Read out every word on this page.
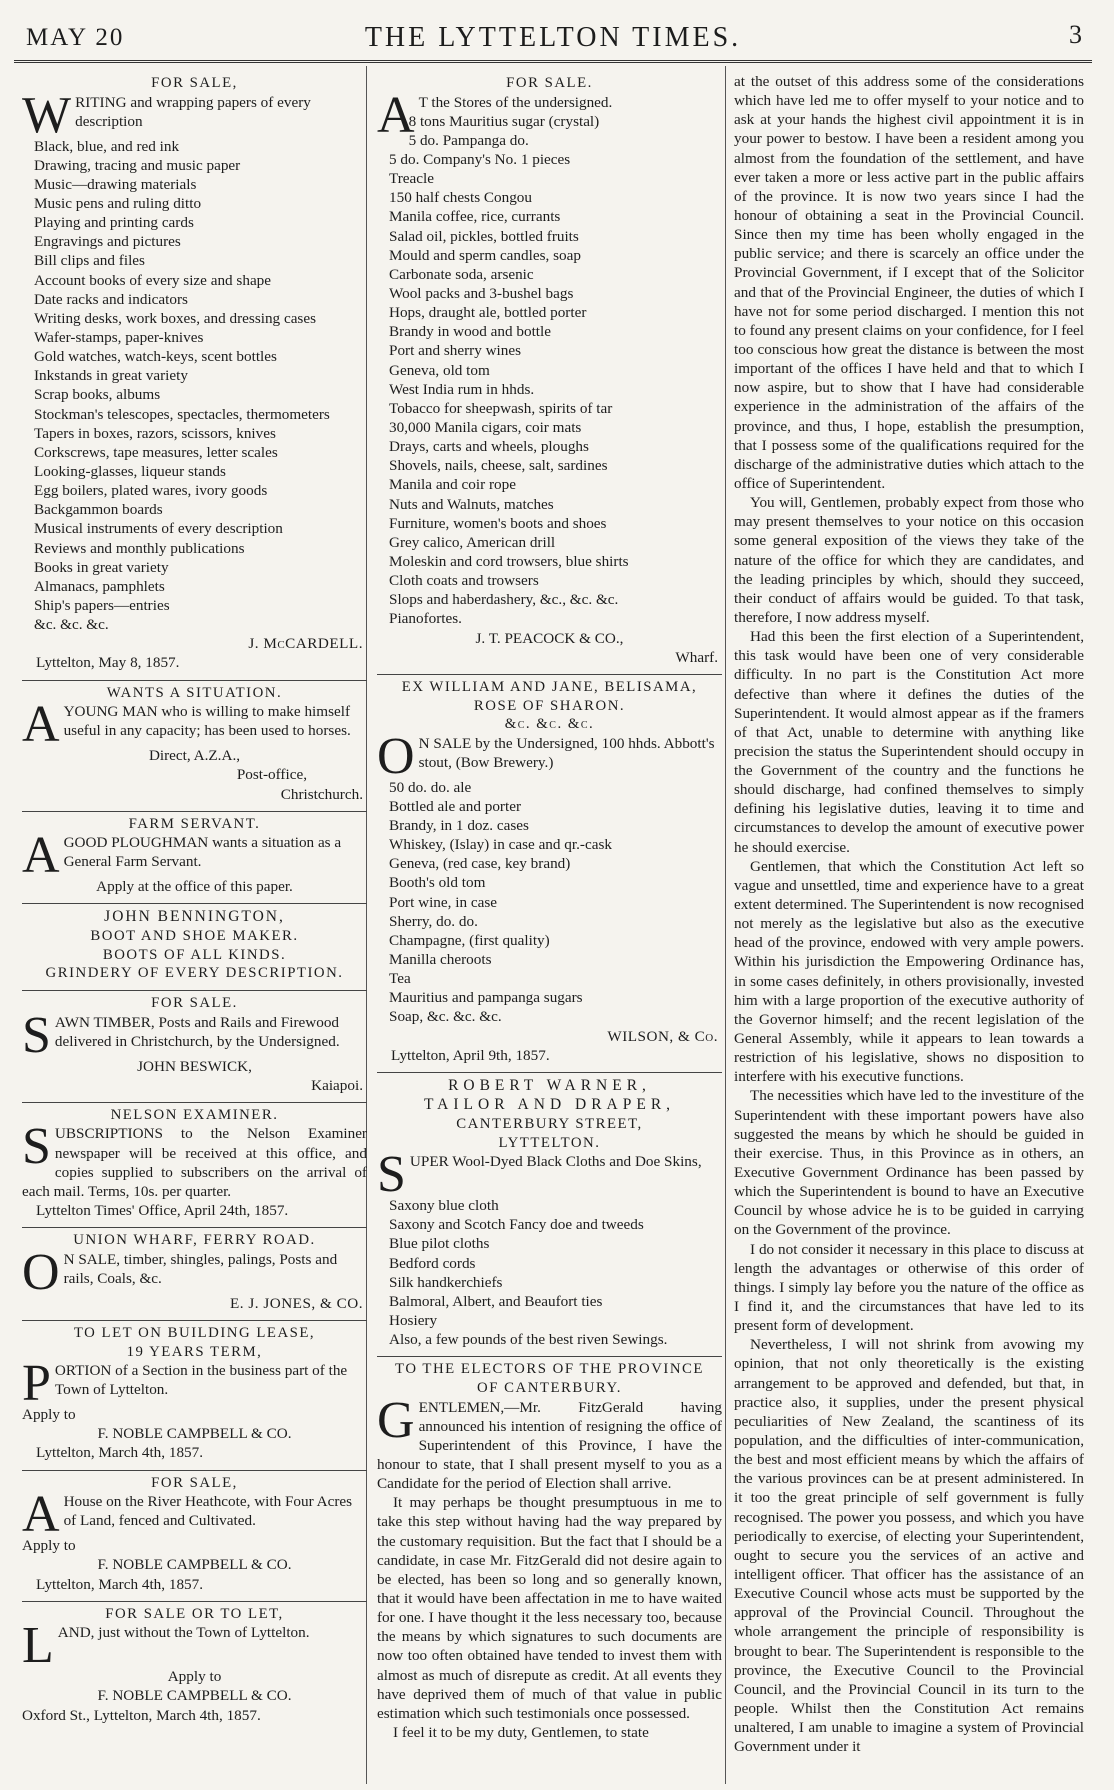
MAY 20	THE LYTTELTON TIMES.	3
FOR SALE,

WRITING and wrapping papers of every description

Black, blue, and red ink
Drawing, tracing and music paper
Music—drawing materials
Music pens and ruling ditto
Playing and printing cards
Engravings and pictures
Bill clips and files
Account books of every size and shape
Date racks and indicators
Writing desks, work boxes, and dressing cases
Wafer-stamps, paper-knives
Gold watches, watch-keys, scent bottles
Inkstands in great variety
Scrap books, albums
Stockman's telescopes, spectacles, thermometers
Tapers in boxes, razors, scissors, knives
Corkscrews, tape measures, letter scales
Looking-glasses, liqueur stands
Egg boilers, plated wares, ivory goods
Backgammon boards
Musical instruments of every description
Reviews and monthly publications
Books in great variety
Almanacs, pamphlets
Ship's papers—entries
&c. &c. &c.
J. McCARDELL.
Lyttelton, May 8, 1857.
WANTS A SITUATION.

AYOUNG MAN who is willing to make himself useful in any capacity; has been used to horses.

Direct, A.Z.A.,
Post-office,
Christchurch.
FARM SERVANT.

AGOOD PLOUGHMAN wants a situation as a General Farm Servant.

Apply at the office of this paper.
JOHN BENNINGTON,
BOOT AND SHOE MAKER.
BOOTS OF ALL KINDS.
GRINDERY OF EVERY DESCRIPTION.
FOR SALE.

SAWN TIMBER, Posts and Rails and Firewood delivered in Christchurch, by the Undersigned.

JOHN BESWICK,
Kaiapoi.
NELSON EXAMINER.

SUBSCRIPTIONS to the Nelson Examiner newspaper will be received at this office, and copies supplied to subscribers on the arrival of each mail. Terms, 10s. per quarter.

Lyttelton Times' Office, April 24th, 1857.
UNION WHARF, FERRY ROAD.

O N SALE, timber, shingles, palings, Posts and rails, Coals, &c.

E. J. JONES, & CO.
TO LET ON BUILDING LEASE,
19 YEARS TERM,

PORTION of a Section in the business part of the Town of Lyttelton.

Apply to
F. NOBLE CAMPBELL & CO.
Lyttelton, March 4th, 1857.
FOR SALE,

A House on the River Heathcote, with Four Acres of Land, fenced and Cultivated.

Apply to
F. NOBLE CAMPBELL & CO.
Lyttelton, March 4th, 1857.
FOR SALE OR TO LET,

LAND, just without the Town of Lyttelton.

Apply to
F. NOBLE CAMPBELL & CO.
Oxford St., Lyttelton, March 4th, 1857.
FOR SALE.

A T the Stores of the undersigned.

8 tons Mauritius sugar (crystal)
5 do. Pampanga do.
5 do. Company's No. 1 pieces
Treacle
150 half chests Congou
Manila coffee, rice, currants
Salad oil, pickles, bottled fruits
Mould and sperm candles, soap
Carbonate soda, arsenic
Wool packs and 3-bushel bags
Hops, draught ale, bottled porter
Brandy in wood and bottle
Port and sherry wines
Geneva, old tom
West India rum in hhds.
Tobacco for sheepwash, spirits of tar
30,000 Manila cigars, coir mats
Drays, carts and wheels, ploughs
Shovels, nails, cheese, salt, sardines
Manila and coir rope
Nuts and Walnuts, matches
Furniture, women's boots and shoes
Grey calico, American drill
Moleskin and cord trowsers, blue shirts
Cloth coats and trowsers
Slops and haberdashery, &c., &c. &c.
Pianofortes.
J. T. PEACOCK & CO.,
Wharf.
EX WILLIAM AND JANE, BELISAMA,
ROSE OF SHARON.
&c. &c. &c.

O N SALE by the Undersigned, 100 hhds. Abbott's stout, (Bow Brewery.)

50 do. do. ale
Bottled ale and porter
Brandy, in 1 doz. cases
Whiskey, (Islay) in case and qr.-cask
Geneva, (red case, key brand)
Booth's old tom
Port wine, in case
Sherry, do. do.
Champagne, (first quality)
Manilla cheroots
Tea
Mauritius and pampanga sugars
Soap, &c. &c. &c.
WILSON, & Co.
Lyttelton, April 9th, 1857.
ROBERT WARNER,
TAILOR AND DRAPER,
CANTERBURY STREET,
LYTTELTON.

SUPER Wool-Dyed Black Cloths and Doe Skins,

Saxony blue cloth
Saxony and Scotch Fancy doe and tweeds
Blue pilot cloths
Bedford cords
Silk handkerchiefs
Balmoral, Albert, and Beaufort ties
Hosiery
Also, a few pounds of the best riven Sewings.
TO THE ELECTORS OF THE PROVINCE
OF CANTERBURY.

GENTLEMEN,—Mr. FitzGerald having announced his intention of resigning the office of Superintendent of this Province, I have the honour to state, that I shall present myself to you as a Candidate for the period of Election shall arrive.

It may perhaps be thought presumptuous in me to take this step without having had the way prepared by the customary requisition. But the fact that I should be a candidate, in case Mr. FitzGerald did not desire again to be elected, has been so long and so generally known, that it would have been affectation in me to have waited for one. I have thought it the less necessary too, because the means by which signatures to such documents are now too often obtained have tended to invest them with almost as much of disrepute as credit. At all events they have deprived them of much of that value in public estimation which such testimonials once possessed.

I feel it to be my duty, Gentlemen, to state

at the outset of this address some of the considerations which have led me to offer myself to your notice and to ask at your hands the highest civil appointment it is in your power to bestow. I have been a resident among you almost from the foundation of the settlement, and have ever taken a more or less active part in the public affairs of the province. It is now two years since I had the honour of obtaining a seat in the Provincial Council. Since then my time has been wholly engaged in the public service; and there is scarcely an office under the Provincial Government, if I except that of the Solicitor and that of the Provincial Engineer, the duties of which I have not for some period discharged. I mention this not to found any present claims on your confidence, for I feel too conscious how great the distance is between the most important of the offices I have held and that to which I now aspire, but to show that I have had considerable experience in the administration of the affairs of the province, and thus, I hope, establish the presumption, that I possess some of the qualifications required for the discharge of the administrative duties which attach to the office of Superintendent.

You will, Gentlemen, probably expect from those who may present themselves to your notice on this occasion some general exposition of the views they take of the nature of the office for which they are candidates, and the leading principles by which, should they succeed, their conduct of affairs would be guided. To that task, therefore, I now address myself.

Had this been the first election of a Superintendent, this task would have been one of very considerable difficulty. In no part is the Constitution Act more defective than where it defines the duties of the Superintendent. It would almost appear as if the framers of that Act, unable to determine with anything like precision the status the Superintendent should occupy in the Government of the country and the functions he should discharge, had confined themselves to simply defining his legislative duties, leaving it to time and circumstances to develop the amount of executive power he should exercise.

Gentlemen, that which the Constitution Act left so vague and unsettled, time and experience have to a great extent determined. The Superintendent is now recognised not merely as the legislative but also as the executive head of the province, endowed with very ample powers. Within his jurisdiction the Empowering Ordinance has, in some cases definitely, in others provisionally, invested him with a large proportion of the executive authority of the Governor himself; and the recent legislation of the General Assembly, while it appears to lean towards a restriction of his legislative, shows no disposition to interfere with his executive functions.

The necessities which have led to the investiture of the Superintendent with these important powers have also suggested the means by which he should be guided in their exercise. Thus, in this Province as in others, an Executive Government Ordinance has been passed by which the Superintendent is bound to have an Executive Council by whose advice he is to be guided in carrying on the Government of the province.

I do not consider it necessary in this place to discuss at length the advantages or otherwise of this order of things. I simply lay before you the nature of the office as I find it, and the circumstances that have led to its present form of development.

Nevertheless, I will not shrink from avowing my opinion, that not only theoretically is the existing arrangement to be approved and defended, but that, in practice also, it supplies, under the present physical peculiarities of New Zealand, the scantiness of its population, and the difficulties of inter-communication, the best and most efficient means by which the affairs of the various provinces can be at present administered. In it too the great principle of self government is fully recognised. The power you possess, and which you have periodically to exercise, of electing your Superintendent, ought to secure you the services of an active and intelligent officer. That officer has the assistance of an Executive Council whose acts must be supported by the approval of the Provincial Council. Throughout the whole arrangement the principle of responsibility is brought to bear. The Superintendent is responsible to the province, the Executive Council to the Provincial Council, and the Provincial Council in its turn to the people. Whilst then the Constitution Act remains unaltered, I am unable to imagine a system of Provincial Government under it
